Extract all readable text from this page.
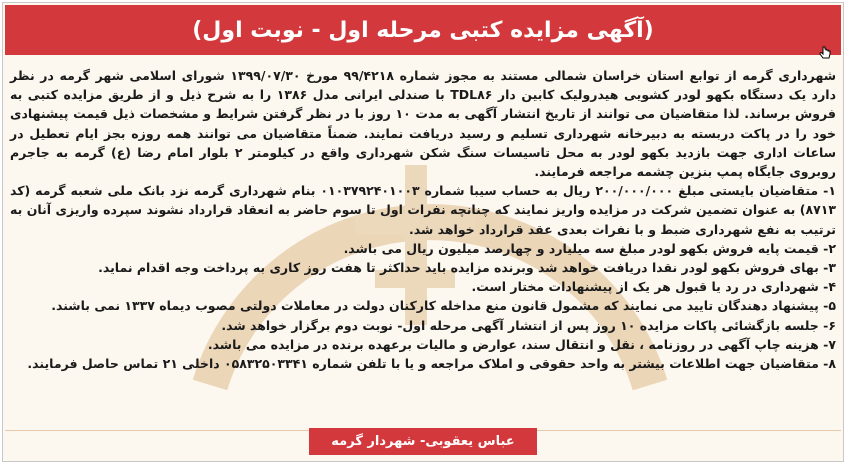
(آگهی مزایده کتبی مرحله اول - نوبت اول)

شهرداری گرمه از توابع استان خراسان شمالی مستند به مجوز شماره ۹۹/۴۲۱۸ مورخ ۱۳۹۹/۰۷/۳۰ شورای اسلامی شهر گرمه در نظر دارد یک دستگاه بکهو لودر کشویی هیدرولیک کابین دار TDL۸۶ با صندلی ایرانی مدل ۱۳۸۶ را به شرح ذیل و از طریق مزایده کتبی به فروش برساند. لذا متقاضیان می توانند از تاریخ انتشار آگهی به مدت ۱۰ روز با در نظر گرفتن شرایط و مشخصات ذیل قیمت پیشنهادی خود را در پاکت دربسته به دبیرخانه شهرداری تسلیم و رسید دریافت نمایند. ضمناً متقاضیان می توانند همه روزه بجز ایام تعطیل در ساعات اداری جهت بازدید بکهو لودر به محل تاسیسات سنگ شکن شهرداری واقع در کیلومتر ۲ بلوار امام رضا (ع) گرمه به جاجرم روبروی جایگاه پمپ بنزین چشمه مراجعه فرمایند.

۱- متقاضیان بایستی مبلغ ۲۰۰/۰۰۰/۰۰۰ ریال به حساب سیبا شماره ۰۱۰۳۷۹۲۴۰۱۰۰۳ بنام شهرداری گرمه نزد بانک ملی شعبه گرمه (کد ۸۷۱۳) به عنوان تضمین شرکت در مزایده واریز نمایند که چنانچه نفرات اول تا سوم حاضر به انعقاد قرارداد نشوند سپرده واریزی آنان به ترتیب به نفع شهرداری ضبط و با نفرات بعدی عقد قرارداد خواهد شد.

۲- قیمت پایه فروش بکهو لودر مبلغ سه میلیارد و چهارصد میلیون ریال می باشد.

۳- بهای فروش بکهو لودر نقدا دریافت خواهد شد وبرنده مزایده باید حداکثر تا هفت روز کاری به پرداخت وجه اقدام نماید.

۴- شهرداری در رد یا قبول هر یک از پیشنهادات مختار است.

۵- پیشنهاد دهندگان تایید می نمایند که مشمول قانون منع مداخله کارکنان دولت در معاملات دولتی مصوب دیماه ۱۳۳۷ نمی باشند.

۶- جلسه بازگشائی پاکات مزایده ۱۰ روز پس از انتشار آگهی مرحله اول- نوبت دوم برگزار خواهد شد.

۷- هزینه چاپ آگهی در روزنامه ، نقل و انتقال سند، عوارض و مالیات برعهده برنده در مزایده می باشد.

۸- متقاضیان جهت اطلاعات بیشتر به واحد حقوقی و املاک مراجعه و یا با تلفن شماره ۰۵۸۳۲۵۰۳۳۴۱ داخلی ۲۱ تماس حاصل فرمایند.

عباس یعقوبی- شهردار گرمه
